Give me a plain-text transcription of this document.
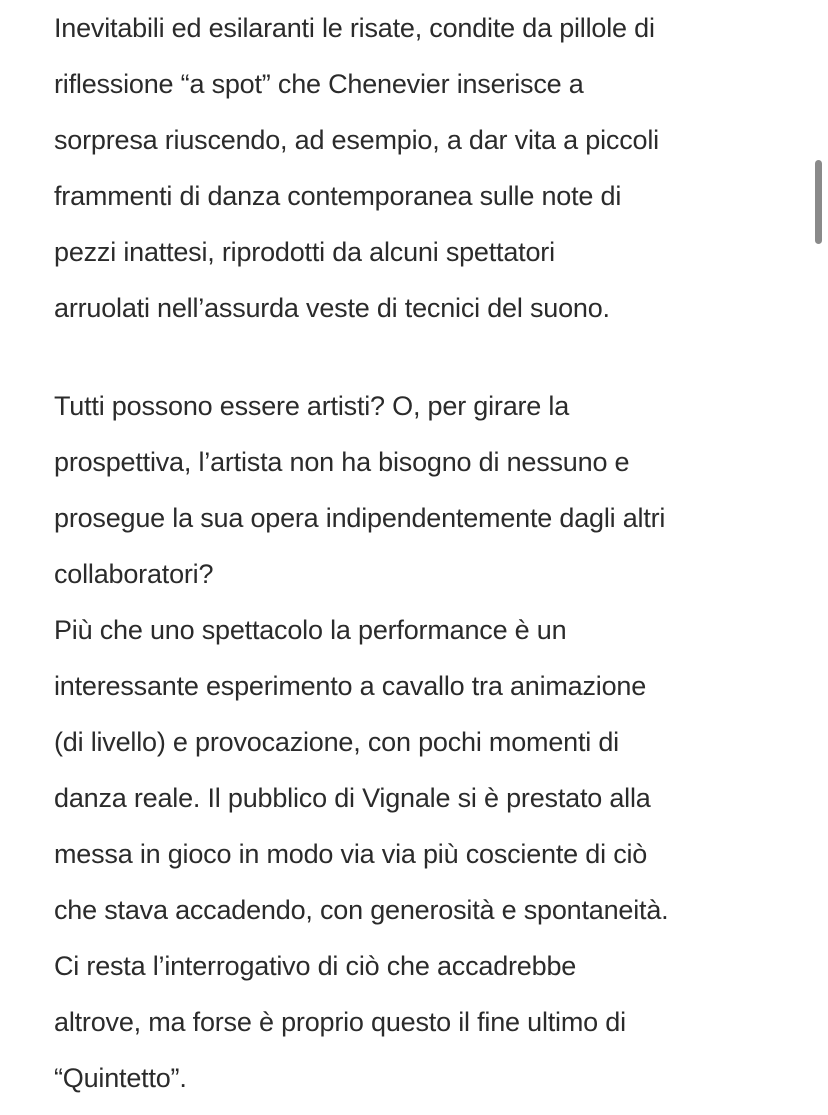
Inevitabili ed esilaranti le risate, condite da pillole di
riflessione “a spot” che Chenevier inserisce a
sorpresa riuscendo, ad esempio, a dar vita a piccoli
frammenti di danza contemporanea sulle note di
pezzi inattesi, riprodotti da alcuni spettatori
arruolati nell’assurda veste di tecnici del suono.

Tutti possono essere artisti? O, per girare la
prospettiva, l’artista non ha bisogno di nessuno e
prosegue la sua opera indipendentemente dagli altri
collaboratori?
Più che uno spettacolo la performance è un
interessante esperimento a cavallo tra animazione
(di livello) e provocazione, con pochi momenti di
danza reale. Il pubblico di Vignale si è prestato alla
messa in gioco in modo via via più cosciente di ciò
che stava accadendo, con generosità e spontaneità.
Ci resta l’interrogativo di ciò che accadrebbe
altrove, ma forse è proprio questo il fine ultimo di
“Quintetto”.
